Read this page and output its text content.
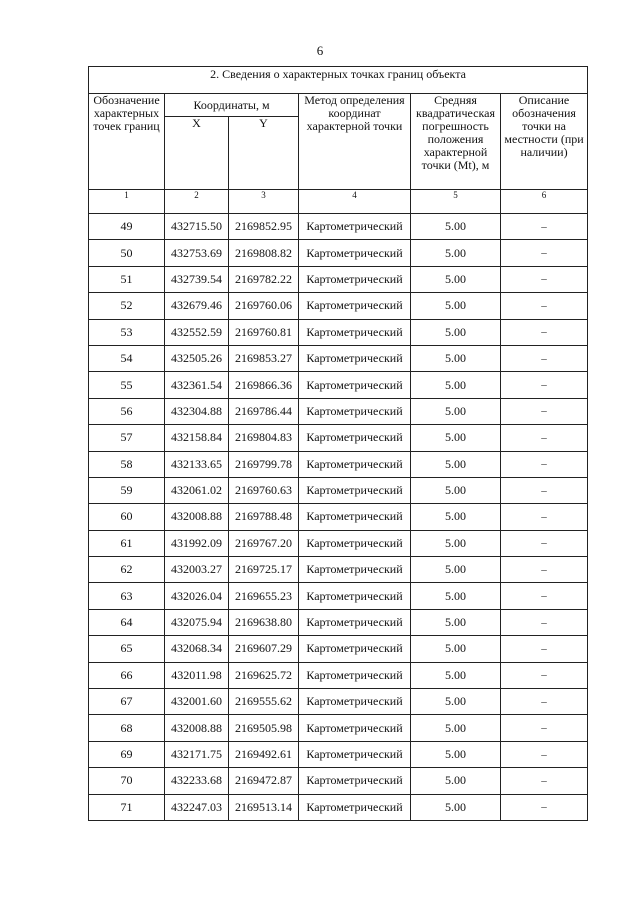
6
2. Сведения о характерных точках границ объекта					
Обозначение характерных точек границ	Координаты, м		Метод определения координат характерной точки	Средняя квадратическая погрешность положения характерной точки (Mt), м	Описание обозначения точки на местности (при наличии)
	X	Y			
1	2	3	4	5	6
49	432715.50	2169852.95	Картометрический	5.00	–
50	432753.69	2169808.82	Картометрический	5.00	–
51	432739.54	2169782.22	Картометрический	5.00	–
52	432679.46	2169760.06	Картометрический	5.00	–
53	432552.59	2169760.81	Картометрический	5.00	–
54	432505.26	2169853.27	Картометрический	5.00	–
55	432361.54	2169866.36	Картометрический	5.00	–
56	432304.88	2169786.44	Картометрический	5.00	–
57	432158.84	2169804.83	Картометрический	5.00	–
58	432133.65	2169799.78	Картометрический	5.00	–
59	432061.02	2169760.63	Картометрический	5.00	–
60	432008.88	2169788.48	Картометрический	5.00	–
61	431992.09	2169767.20	Картометрический	5.00	–
62	432003.27	2169725.17	Картометрический	5.00	–
63	432026.04	2169655.23	Картометрический	5.00	–
64	432075.94	2169638.80	Картометрический	5.00	–
65	432068.34	2169607.29	Картометрический	5.00	–
66	432011.98	2169625.72	Картометрический	5.00	–
67	432001.60	2169555.62	Картометрический	5.00	–
68	432008.88	2169505.98	Картометрический	5.00	–
69	432171.75	2169492.61	Картометрический	5.00	–
70	432233.68	2169472.87	Картометрический	5.00	–
71	432247.03	2169513.14	Картометрический	5.00	–
